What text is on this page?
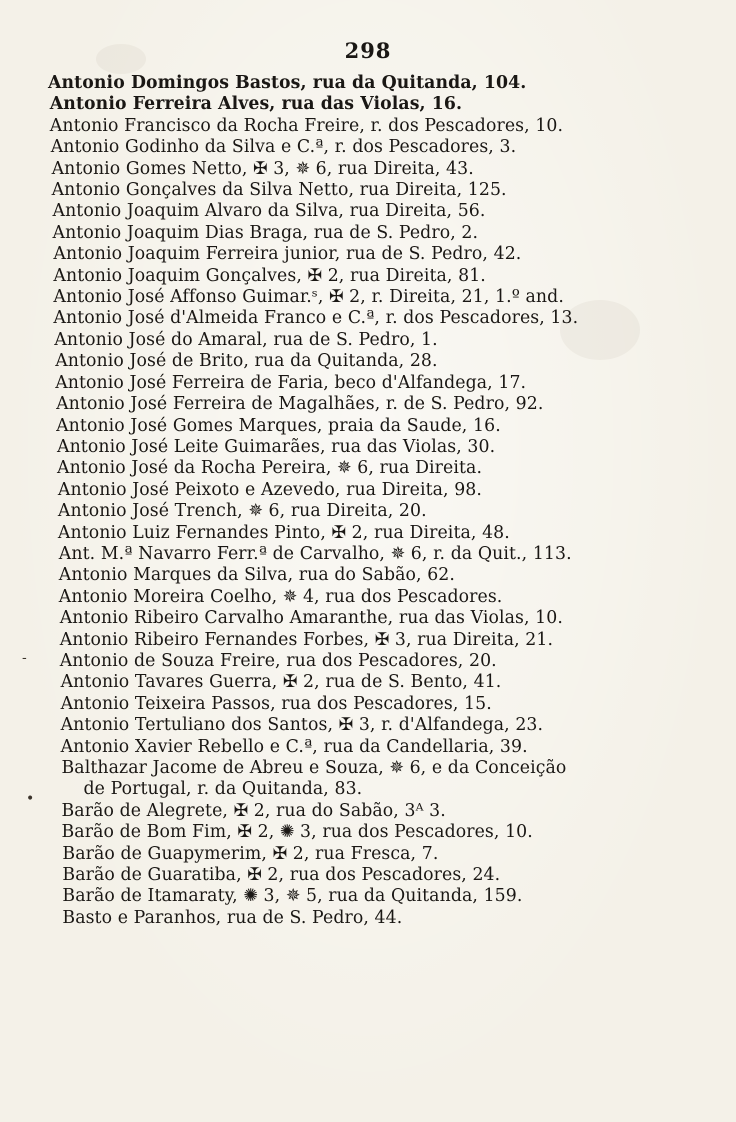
298
Antonio Domingos Bastos, rua da Quitanda, 104.
Antonio Ferreira Alves, rua das Violas, 16.
Antonio Francisco da Rocha Freire, r. dos Pescadores, 10.
Antonio Godinho da Silva e C.ª, r. dos Pescadores, 3.
Antonio Gomes Netto, ✠ 3, ✵ 6, rua Direita, 43.
Antonio Gonçalves da Silva Netto, rua Direita, 125.
Antonio Joaquim Alvaro da Silva, rua Direita, 56.
Antonio Joaquim Dias Braga, rua de S. Pedro, 2.
Antonio Joaquim Ferreira junior, rua de S. Pedro, 42.
Antonio Joaquim Gonçalves, ✠ 2, rua Direita, 81.
Antonio José Affonso Guimar.ˢ, ✠ 2, r. Direita, 21, 1.º and.
Antonio José d'Almeida Franco e C.ª, r. dos Pescadores, 13.
Antonio José do Amaral, rua de S. Pedro, 1.
Antonio José de Brito, rua da Quitanda, 28.
Antonio José Ferreira de Faria, beco d'Alfandega, 17.
Antonio José Ferreira de Magalhães, r. de S. Pedro, 92.
Antonio José Gomes Marques, praia da Saude, 16.
Antonio José Leite Guimarães, rua das Violas, 30.
Antonio José da Rocha Pereira, ✵ 6, rua Direita.
Antonio José Peixoto e Azevedo, rua Direita, 98.
Antonio José Trench, ✵ 6, rua Direita, 20.
Antonio Luiz Fernandes Pinto, ✠ 2, rua Direita, 48.
Ant. M.ª Navarro Ferr.ª de Carvalho, ✵ 6, r. da Quit., 113.
Antonio Marques da Silva, rua do Sabão, 62.
Antonio Moreira Coelho, ✵ 4, rua dos Pescadores.
Antonio Ribeiro Carvalho Amaranthe, rua das Violas, 10.
Antonio Ribeiro Fernandes Forbes, ✠ 3, rua Direita, 21.
Antonio de Souza Freire, rua dos Pescadores, 20.
Antonio Tavares Guerra, ✠ 2, rua de S. Bento, 41.
Antonio Teixeira Passos, rua dos Pescadores, 15.
Antonio Tertuliano dos Santos, ✠ 3, r. d'Alfandega, 23.
Antonio Xavier Rebello e C.ª, rua da Candellaria, 39.
Balthazar Jacome de Abreu e Souza, ✵ 6, e da Conceição
de Portugal, r. da Quitanda, 83.
Barão de Alegrete, ✠ 2, rua do Sabão, 3ᴬ 3.
Barão de Bom Fim, ✠ 2, ✺ 3, rua dos Pescadores, 10.
Barão de Guapymerim, ✠ 2, rua Fresca, 7.
Barão de Guaratiba, ✠ 2, rua dos Pescadores, 24.
Barão de Itamaraty, ✺ 3, ✵ 5, rua da Quitanda, 159.
Basto e Paranhos, rua de S. Pedro, 44.
•
-
